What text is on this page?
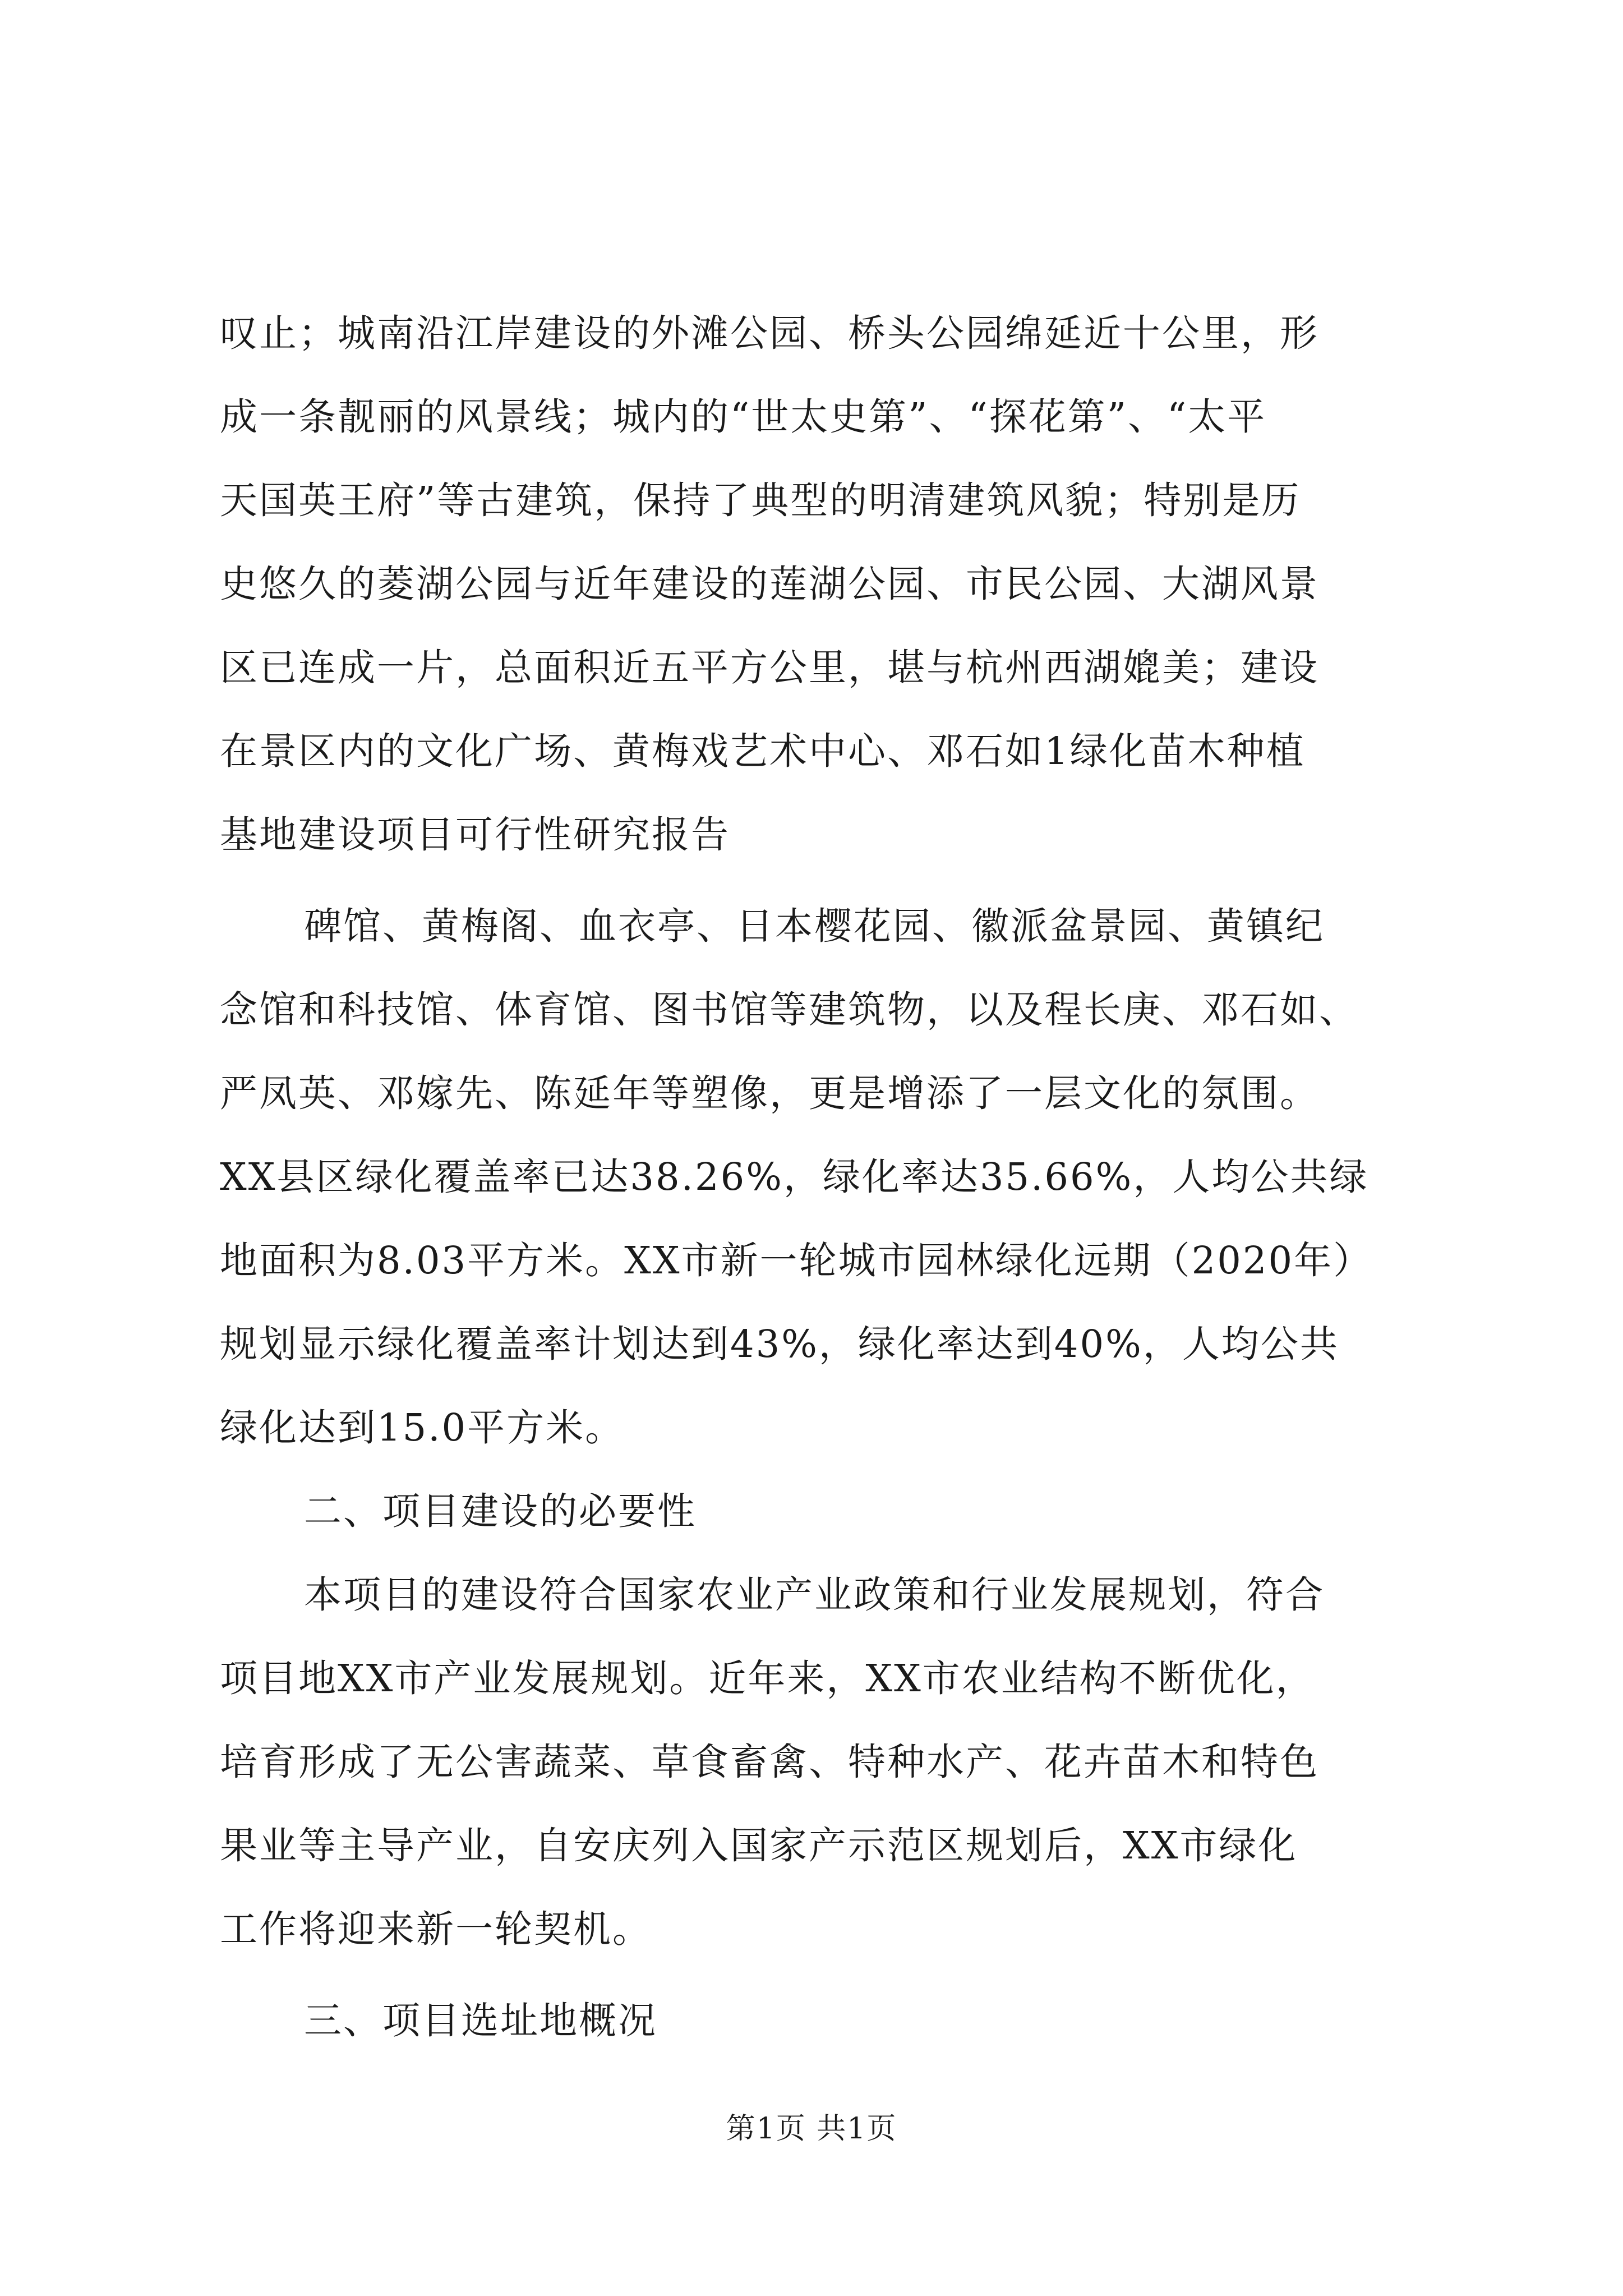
叹止；城南沿江岸建设的外滩公园、桥头公园绵延近十公里，形
成一条靓丽的风景线；城内的“世太史第”、“探花第”、“太平
天国英王府”等古建筑，保持了典型的明清建筑风貌；特别是历
史悠久的菱湖公园与近年建设的莲湖公园、市民公园、大湖风景
区已连成一片，总面积近五平方公里，堪与杭州西湖媲美；建设
在景区内的文化广场、黄梅戏艺术中心、邓石如1绿化苗木种植
基地建设项目可行性研究报告
碑馆、黄梅阁、血衣亭、日本樱花园、徽派盆景园、黄镇纪
念馆和科技馆、体育馆、图书馆等建筑物，以及程长庚、邓石如、
严凤英、邓嫁先、陈延年等塑像，更是增添了一层文化的氛围。
XX县区绿化覆盖率已达38.26%，绿化率达35.66%，人均公共绿
地面积为8.03平方米。XX市新一轮城市园林绿化远期（2020年）
规划显示绿化覆盖率计划达到43%，绿化率达到40%，人均公共
绿化达到15.0平方米。
二、项目建设的必要性
本项目的建设符合国家农业产业政策和行业发展规划，符合
项目地XX市产业发展规划。近年来，XX市农业结构不断优化，
培育形成了无公害蔬菜、草食畜禽、特种水产、花卉苗木和特色
果业等主导产业，自安庆列入国家产示范区规划后，XX市绿化
工作将迎来新一轮契机。
三、项目选址地概况
第1页 共1页
